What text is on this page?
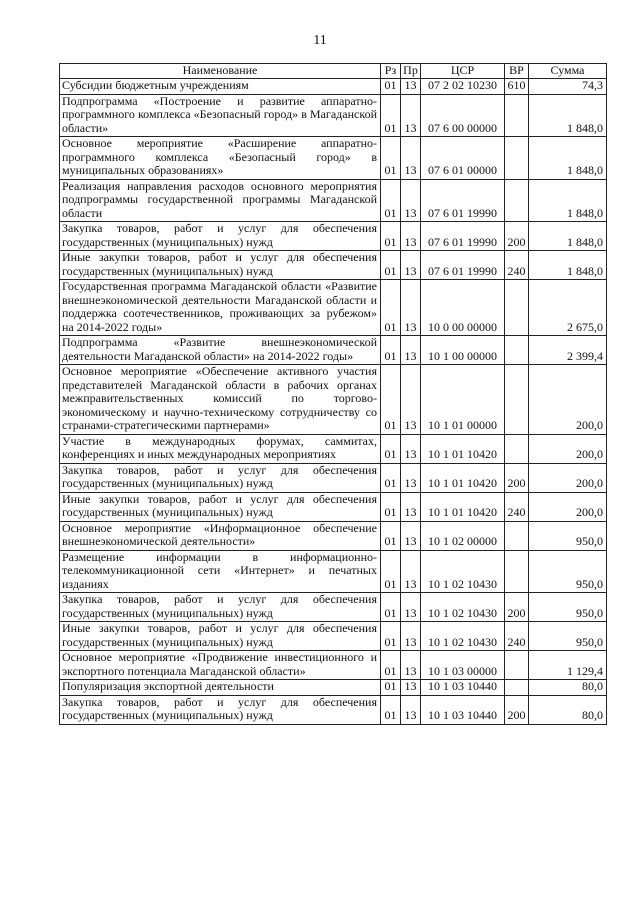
11
Наименование	Рз	Пр	ЦСР	ВР	Сумма
Субсидии бюджетным учреждениям	01	13	07 2 02 10230	610	74,3
Подпрограмма «Построение и развитие аппаратно-программного комплекса «Безопасный город» в Магаданской области»	01	13	07 6 00 00000		1 848,0
Основное мероприятие «Расширение аппаратно-программного комплекса «Безопасный город» в муниципальных образованиях»	01	13	07 6 01 00000		1 848,0
Реализация направления расходов основного мероприятия подпрограммы государственной программы Магаданской области	01	13	07 6 01 19990		1 848,0
Закупка товаров, работ и услуг для обеспечения государственных (муниципальных) нужд	01	13	07 6 01 19990	200	1 848,0
Иные закупки товаров, работ и услуг для обеспечения государственных (муниципальных) нужд	01	13	07 6 01 19990	240	1 848,0
Государственная программа Магаданской области «Развитие внешнеэкономической деятельности Магаданской области и поддержка соотечественников, проживающих за рубежом» на 2014-2022 годы»	01	13	10 0 00 00000		2 675,0
Подпрограмма «Развитие внешнеэкономической деятельности Магаданской области» на 2014-2022 годы»	01	13	10 1 00 00000		2 399,4
Основное мероприятие «Обеспечение активного участия представителей Магаданской области в рабочих органах межправительственных комиссий по торгово-экономическому и научно-техническому сотрудничеству со странами-стратегическими партнерами»	01	13	10 1 01 00000		200,0
Участие в международных форумах, саммитах, конференциях и иных международных мероприятиях	01	13	10 1 01 10420		200,0
Закупка товаров, работ и услуг для обеспечения государственных (муниципальных) нужд	01	13	10 1 01 10420	200	200,0
Иные закупки товаров, работ и услуг для обеспечения государственных (муниципальных) нужд	01	13	10 1 01 10420	240	200,0
Основное мероприятие «Информационное обеспечение внешнеэкономической деятельности»	01	13	10 1 02 00000		950,0
Размещение информации в информационно-телекоммуникационной сети «Интернет» и печатных изданиях	01	13	10 1 02 10430		950,0
Закупка товаров, работ и услуг для обеспечения государственных (муниципальных) нужд	01	13	10 1 02 10430	200	950,0
Иные закупки товаров, работ и услуг для обеспечения государственных (муниципальных) нужд	01	13	10 1 02 10430	240	950,0
Основное мероприятие «Продвижение инвестиционного и экспортного потенциала Магаданской области»	01	13	10 1 03 00000		1 129,4
Популяризация экспортной деятельности	01	13	10 1 03 10440		80,0
Закупка товаров, работ и услуг для обеспечения государственных (муниципальных) нужд	01	13	10 1 03 10440	200	80,0
